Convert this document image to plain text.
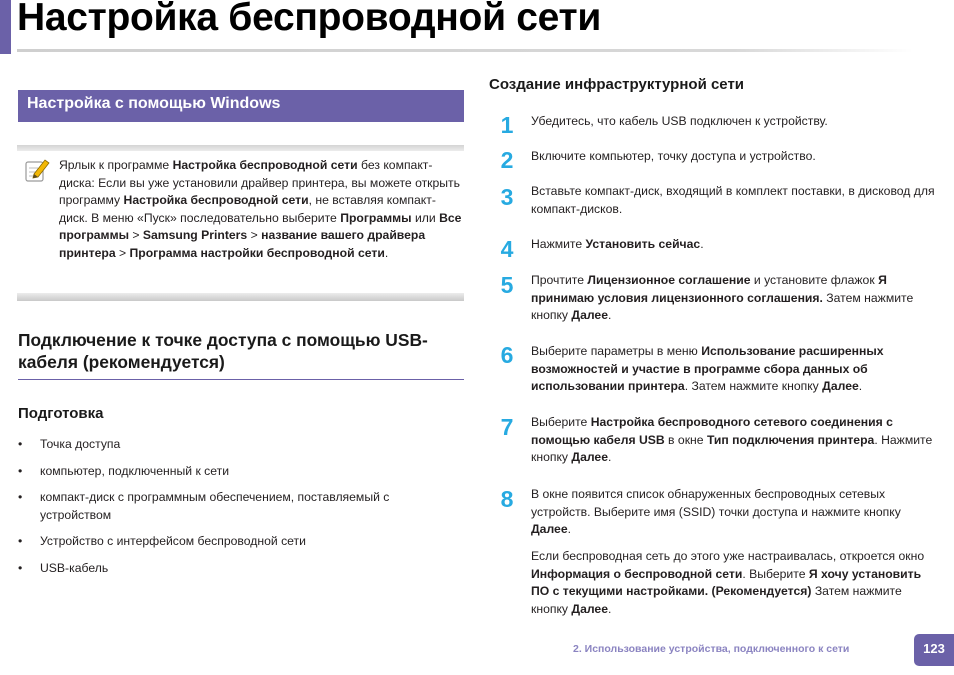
Настройка беспроводной сети
Настройка с помощью Windows
Ярлык к программе Настройка беспроводной сети без компакт-диска: Если вы уже установили драйвер принтера, вы можете открыть программу Настройка беспроводной сети, не вставляя компакт-диск. В меню «Пуск» последовательно выберите Программы или Все программы > Samsung Printers > название вашего драйвера принтера > Программа настройки беспроводной сети.
Подключение к точке доступа с помощью USB-кабеля (рекомендуется)
Подготовка
• Точка доступа
• компьютер, подключенный к сети
• компакт-диск с программным обеспечением, поставляемый с устройством
• Устройство с интерфейсом беспроводной сети
• USB-кабель
Создание инфраструктурной сети
1	Убедитесь, что кабель USB подключен к устройству.
2	Включите компьютер, точку доступа и устройство.
3	Вставьте компакт-диск, входящий в комплект поставки, в дисковод для компакт-дисков.
4	Нажмите Установить сейчас.
5	Прочтите Лицензионное соглашение и установите флажок Я принимаю условия лицензионного соглашения. Затем нажмите кнопку Далее.
6	Выберите параметры в меню Использование расширенных возможностей и участие в программе сбора данных об использовании принтера. Затем нажмите кнопку Далее.
7	Выберите Настройка беспроводного сетевого соединения с помощью кабеля USB в окне Тип подключения принтера. Нажмите кнопку Далее.
8	В окне появится список обнаруженных беспроводных сетевых устройств. Выберите имя (SSID) точки доступа и нажмите кнопку Далее.
Если беспроводная сеть до этого уже настраивалась, откроется окно Информация о беспроводной сети. Выберите Я хочу установить ПО с текущими настройками. (Рекомендуется) Затем нажмите кнопку Далее.
2. Использование устройства, подключенного к сети	123
